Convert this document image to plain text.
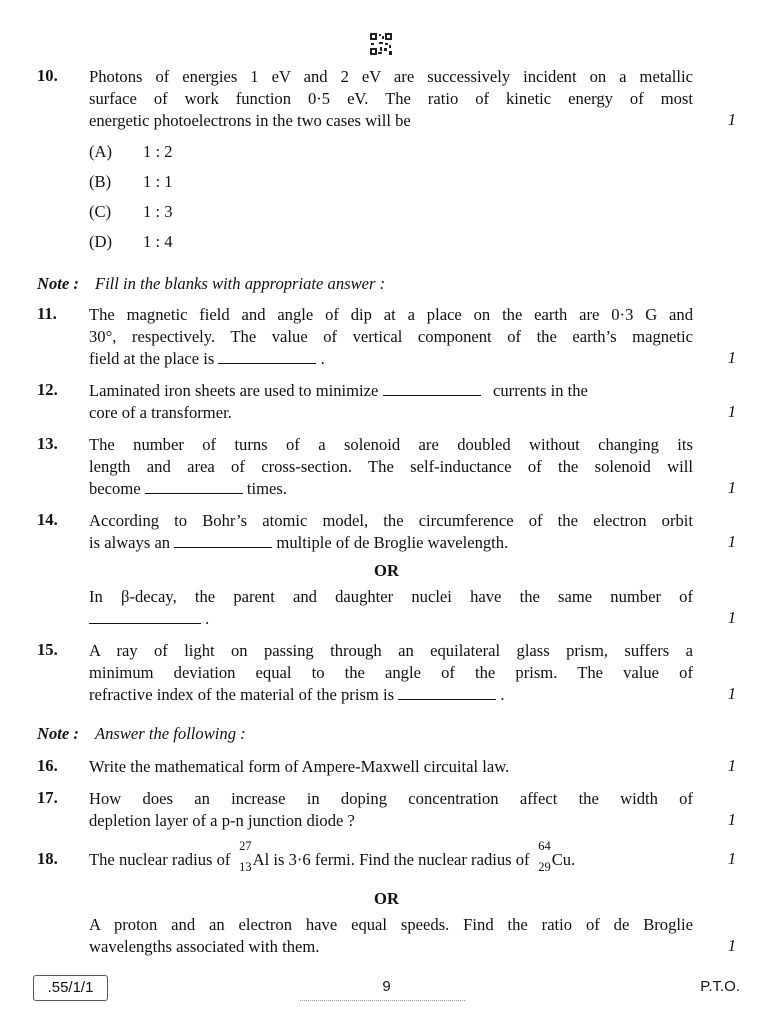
10. Photons of energies 1 eV and 2 eV are successively incident on a metallic
surface of work function 0·5 eV. The ratio of kinetic energy of most
energetic photoelectrons in the two cases will be	1
(A) 1 : 2
(B) 1 : 1
(C) 1 : 3
(D) 1 : 4
Note : Fill in the blanks with appropriate answer :
11. The magnetic field and angle of dip at a place on the earth are 0·3 G and
30°, respectively. The value of vertical component of the earth’s magnetic
field at the place is	.	1
12. Laminated iron sheets are used to minimize	currents in the
core of a transformer.	1
13. The number of turns of a solenoid are doubled without changing its
length and area of cross-section. The self-inductance of the solenoid will
become	times.	1
14. According to Bohr’s atomic model, the circumference of the electron orbit
is always an	multiple of de Broglie wavelength.	1
OR
In β-decay, the parent and daughter nuclei have the same number of
.	1
15. A ray of light on passing through an equilateral glass prism, suffers a
minimum deviation equal to the angle of the prism. The value of
refractive index of the material of the prism is	.	1
Note : Answer the following :
16. Write the mathematical form of Ampere-Maxwell circuital law.	1
17. How does an increase in doping concentration affect the width of
depletion layer of a p-n junction diode ?	1
18. The nuclear radius of
27
13 Al is 3·6 fermi. Find the nuclear radius of
64
29 Cu.	1
OR
A proton and an electron have equal speeds. Find the ratio of de Broglie
wavelengths associated with them.	1
.55/1/1	9	P.T.O.
